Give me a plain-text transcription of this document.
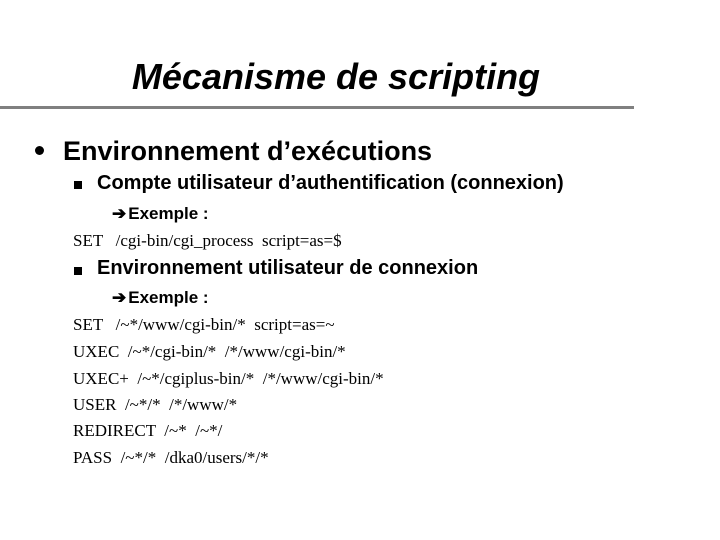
Mécanisme de scripting
Environnement d’exécutions
Compte utilisateur d’authentification (connexion)
➔ Exemple :
SET   /cgi-bin/cgi_process  script=as=$
Environnement utilisateur de connexion
➔ Exemple :
SET   /~*/www/cgi-bin/*  script=as=~
UXEC  /~*/cgi-bin/*  /*/www/cgi-bin/*
UXEC+  /~*/cgiplus-bin/*  /*/www/cgi-bin/*
USER  /~*/*  /*/www/*
REDIRECT  /~*  /~*/
PASS  /~*/*  /dka0/users/*/*
